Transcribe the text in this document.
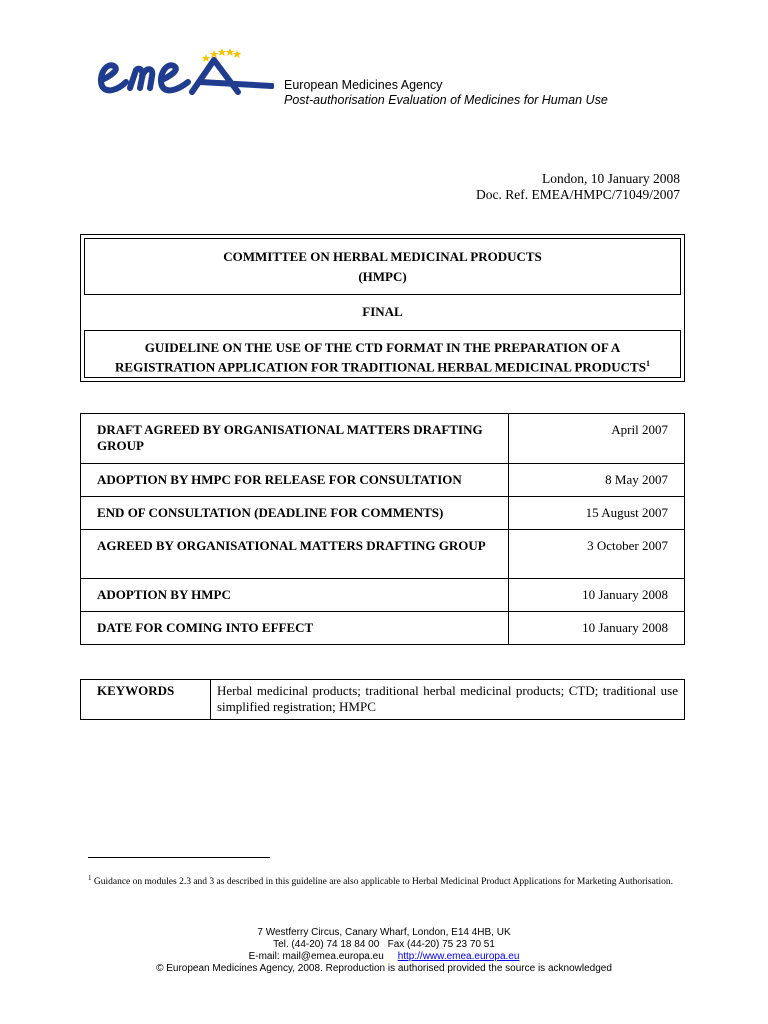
European Medicines Agency
Post-authorisation Evaluation of Medicines for Human Use
London, 10 January 2008
Doc. Ref. EMEA/HMPC/71049/2007
COMMITTEE ON HERBAL MEDICINAL PRODUCTS
(HMPC)
FINAL
GUIDELINE ON THE USE OF THE CTD FORMAT IN THE PREPARATION OF A
REGISTRATION APPLICATION FOR TRADITIONAL HERBAL MEDICINAL PRODUCTS$^1$
DRAFT AGREED BY ORGANISATIONAL MATTERS DRAFTING GROUP	April 2007
ADOPTION BY HMPC FOR RELEASE FOR CONSULTATION	8 May 2007
END OF CONSULTATION (DEADLINE FOR COMMENTS)	15 August 2007
AGREED BY ORGANISATIONAL MATTERS DRAFTING GROUP	3 October 2007
ADOPTION BY HMPC	10 January 2008
DATE FOR COMING INTO EFFECT	10 January 2008
KEYWORDS	Herbal medicinal products; traditional herbal medicinal products; CTD; traditional use simplified registration; HMPC
$^1$ Guidance on modules 2.3 and 3 as described in this guideline are also applicable to Herbal Medicinal Product Applications for Marketing Authorisation.
7 Westferry Circus, Canary Wharf, London, E14 4HB, UK
Tel. (44-20) 74 18 84 00   Fax (44-20) 75 23 70 51
E-mail: mail@emea.europa.eu http://www.emea.europa.eu
© European Medicines Agency, 2008. Reproduction is authorised provided the source is acknowledged
